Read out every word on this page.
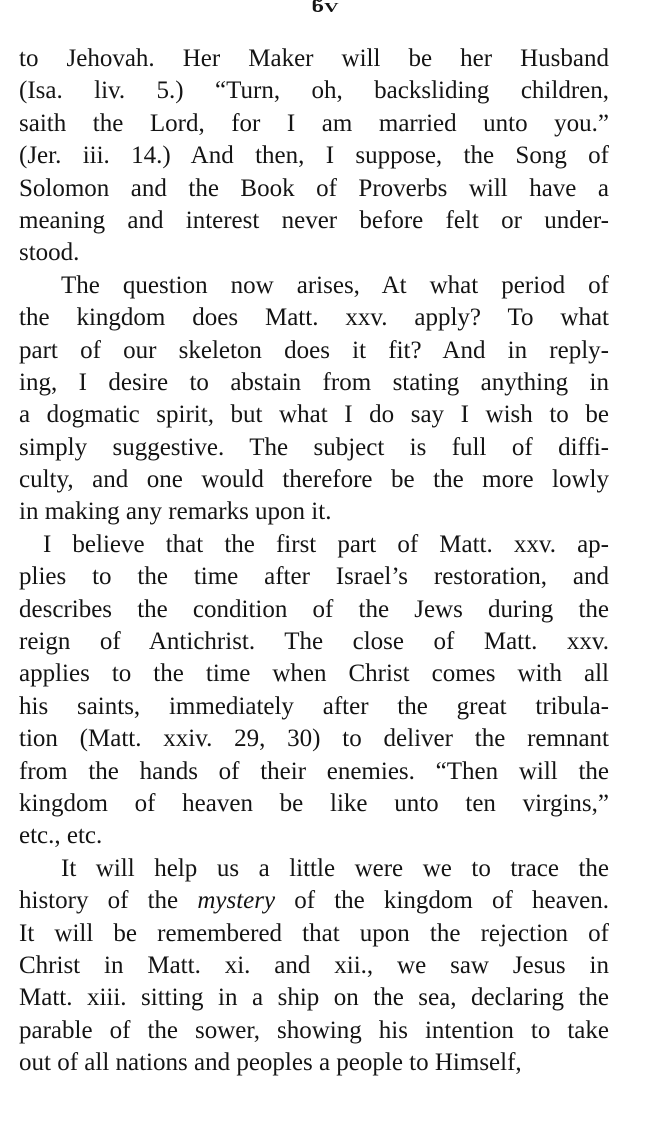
ნV
to Jehovah. Her Maker will be her Husband
(Isa. liv. 5.) “Turn, oh, backsliding children,
saith the Lord, for I am married unto you.”
(Jer. iii. 14.) And then, I suppose, the Song of
Solomon and the Book of Proverbs will have a
meaning and interest never before felt or under-
stood.
The question now arises, At what period of
the kingdom does Matt. xxv. apply? To what
part of our skeleton does it fit? And in reply-
ing, I desire to abstain from stating anything in
a dogmatic spirit, but what I do say I wish to be
simply suggestive. The subject is full of diffi-
culty, and one would therefore be the more lowly
in making any remarks upon it.
I believe that the first part of Matt. xxv. ap-
plies to the time after Israel’s restoration, and
describes the condition of the Jews during the
reign of Antichrist. The close of Matt. xxv.
applies to the time when Christ comes with all
his saints, immediately after the great tribula-
tion (Matt. xxiv. 29, 30) to deliver the remnant
from the hands of their enemies. “Then will the
kingdom of heaven be like unto ten virgins,”
etc., etc.
It will help us a little were we to trace the
history of the mystery of the kingdom of heaven.
It will be remembered that upon the rejection of
Christ in Matt. xi. and xii., we saw Jesus in
Matt. xiii. sitting in a ship on the sea, declaring the
parable of the sower, showing his intention to take
out of all nations and peoples a people to Himself,
